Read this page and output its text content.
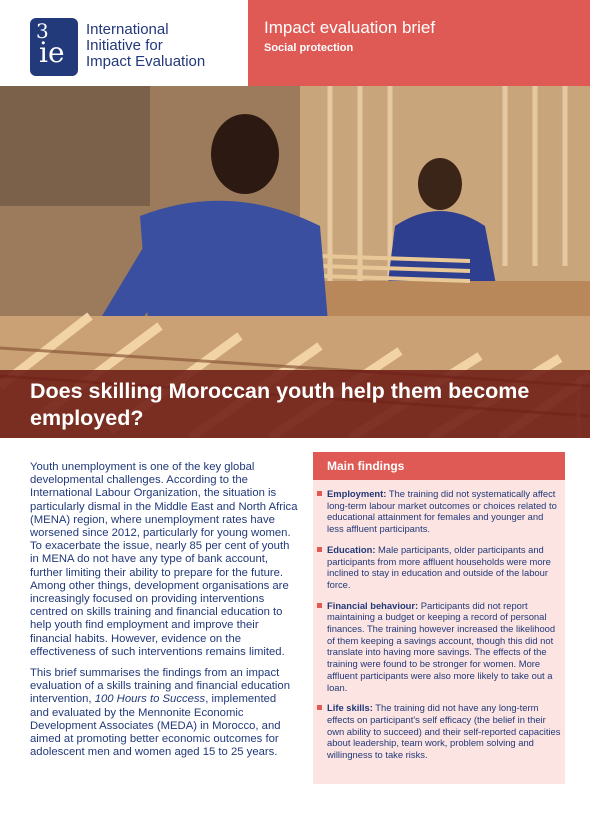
3
ie
International
Initiative for
Impact Evaluation
Impact evaluation brief
Social protection
Does skilling Moroccan youth help them become employed?

Youth unemployment is one of the key global developmental challenges. According to the International Labour Organization, the situation is particularly dismal in the Middle East and North Africa (MENA) region, where unemployment rates have worsened since 2012, particularly for young women. To exacerbate the issue, nearly 85 per cent of youth in MENA do not have any type of bank account, further limiting their ability to prepare for the future. Among other things, development organisations are increasingly focused on providing interventions centred on skills training and financial education to help youth find employment and improve their financial habits. However, evidence on the effectiveness of such interventions remains limited.

This brief summarises the findings from an impact evaluation of a skills training and financial education intervention, 100 Hours to Success, implemented and evaluated by the Mennonite Economic Development Associates (MEDA) in Morocco, and aimed at promoting better economic outcomes for adolescent men and women aged 15 to 25 years.

Main findings
Employment: The training did not systematically affect long-term labour market outcomes or choices related to educational attainment for females and younger and less affluent participants.
Education: Male participants, older participants and participants from more affluent households were more inclined to stay in education and outside of the labour force.
Financial behaviour: Participants did not report maintaining a budget or keeping a record of personal finances. The training however increased the likelihood of them keeping a savings account, though this did not translate into having more savings. The effects of the training were found to be stronger for women. More affluent participants were also more likely to take out a loan.
Life skills: The training did not have any long-term effects on participant's self efficacy (the belief in their own ability to succeed) and their self-reported capacities about leadership, team work, problem solving and willingness to take risks.
